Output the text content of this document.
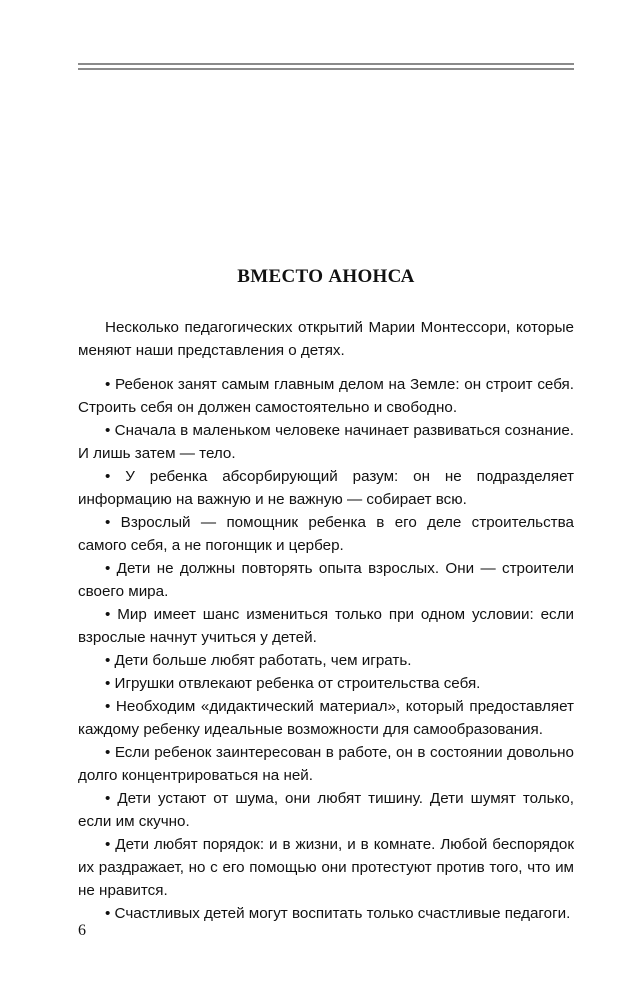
ВМЕСТО АНОНСА

Несколько педагогических открытий Марии Монтессори, которые меняют наши представления о детях.

• Ребенок занят самым главным делом на Земле: он строит себя. Строить себя он должен самостоятельно и свободно.

• Сначала в маленьком человеке начинает развиваться сознание. И лишь затем — тело.

• У ребенка абсорбирующий разум: он не подразделяет информацию на важную и не важную — собирает всю.

• Взрослый — помощник ребенка в его деле строительства самого себя, а не погонщик и цербер.

• Дети не должны повторять опыта взрослых. Они — строители своего мира.

• Мир имеет шанс измениться только при одном условии: если взрослые начнут учиться у детей.

• Дети больше любят работать, чем играть.

• Игрушки отвлекают ребенка от строительства себя.

• Необходим «дидактический материал», который предоставляет каждому ребенку идеальные возможности для самообразования.

• Если ребенок заинтересован в работе, он в состоянии довольно долго концентрироваться на ней.

• Дети устают от шума, они любят тишину. Дети шумят только, если им скучно.

• Дети любят порядок: и в жизни, и в комнате. Любой беспорядок их раздражает, но с его помощью они протестуют против того, что им не нравится.

• Счастливых детей могут воспитать только счастливые педагоги.

6
